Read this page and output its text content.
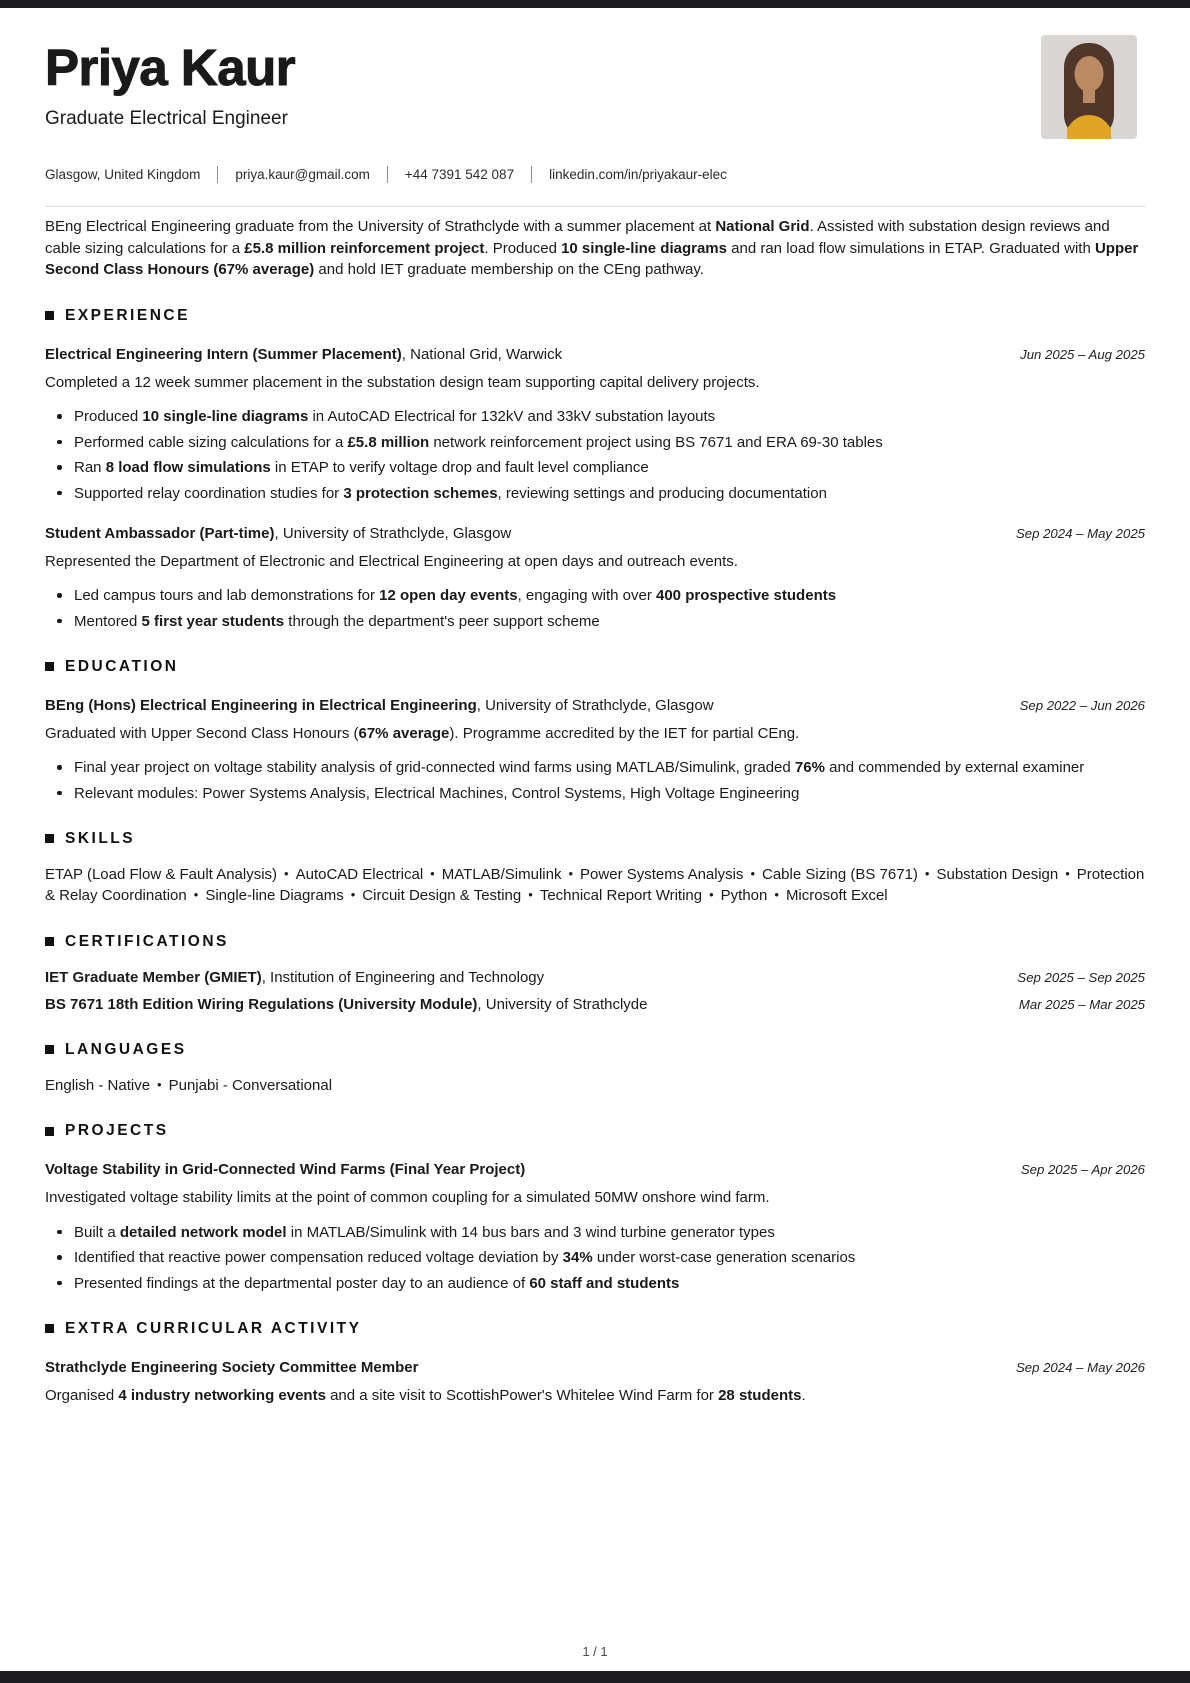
Priya Kaur
Graduate Electrical Engineer
Glasgow, United Kingdom	priya.kaur@gmail.com	+44 7391 542 087	linkedin.com/in/priyakaur-elec
BEng Electrical Engineering graduate from the University of Strathclyde with a summer placement at National Grid. Assisted with substation design reviews and cable sizing calculations for a £5.8 million reinforcement project. Produced 10 single-line diagrams and ran load flow simulations in ETAP. Graduated with Upper Second Class Honours (67% average) and hold IET graduate membership on the CEng pathway.
EXPERIENCE
Electrical Engineering Intern (Summer Placement), National Grid, Warwick	Jun 2025 – Aug 2025
Completed a 12 week summer placement in the substation design team supporting capital delivery projects.
Produced 10 single-line diagrams in AutoCAD Electrical for 132kV and 33kV substation layouts
Performed cable sizing calculations for a £5.8 million network reinforcement project using BS 7671 and ERA 69-30 tables
Ran 8 load flow simulations in ETAP to verify voltage drop and fault level compliance
Supported relay coordination studies for 3 protection schemes, reviewing settings and producing documentation
Student Ambassador (Part-time), University of Strathclyde, Glasgow	Sep 2024 – May 2025
Represented the Department of Electronic and Electrical Engineering at open days and outreach events.
Led campus tours and lab demonstrations for 12 open day events, engaging with over 400 prospective students
Mentored 5 first year students through the department's peer support scheme
EDUCATION
BEng (Hons) Electrical Engineering in Electrical Engineering, University of Strathclyde, Glasgow	Sep 2022 – Jun 2026
Graduated with Upper Second Class Honours (67% average). Programme accredited by the IET for partial CEng.
Final year project on voltage stability analysis of grid-connected wind farms using MATLAB/Simulink, graded 76% and commended by external examiner
Relevant modules: Power Systems Analysis, Electrical Machines, Control Systems, High Voltage Engineering
SKILLS
ETAP (Load Flow & Fault Analysis) • AutoCAD Electrical • MATLAB/Simulink • Power Systems Analysis • Cable Sizing (BS 7671) • Substation Design • Protection & Relay Coordination • Single-line Diagrams • Circuit Design & Testing • Technical Report Writing • Python • Microsoft Excel
CERTIFICATIONS
IET Graduate Member (GMIET), Institution of Engineering and Technology	Sep 2025 – Sep 2025
BS 7671 18th Edition Wiring Regulations (University Module), University of Strathclyde	Mar 2025 – Mar 2025
LANGUAGES
English - Native • Punjabi - Conversational
PROJECTS
Voltage Stability in Grid-Connected Wind Farms (Final Year Project)	Sep 2025 – Apr 2026
Investigated voltage stability limits at the point of common coupling for a simulated 50MW onshore wind farm.
Built a detailed network model in MATLAB/Simulink with 14 bus bars and 3 wind turbine generator types
Identified that reactive power compensation reduced voltage deviation by 34% under worst-case generation scenarios
Presented findings at the departmental poster day to an audience of 60 staff and students
EXTRA CURRICULAR ACTIVITY
Strathclyde Engineering Society Committee Member	Sep 2024 – May 2026
Organised 4 industry networking events and a site visit to ScottishPower's Whitelee Wind Farm for 28 students.
1 / 1
